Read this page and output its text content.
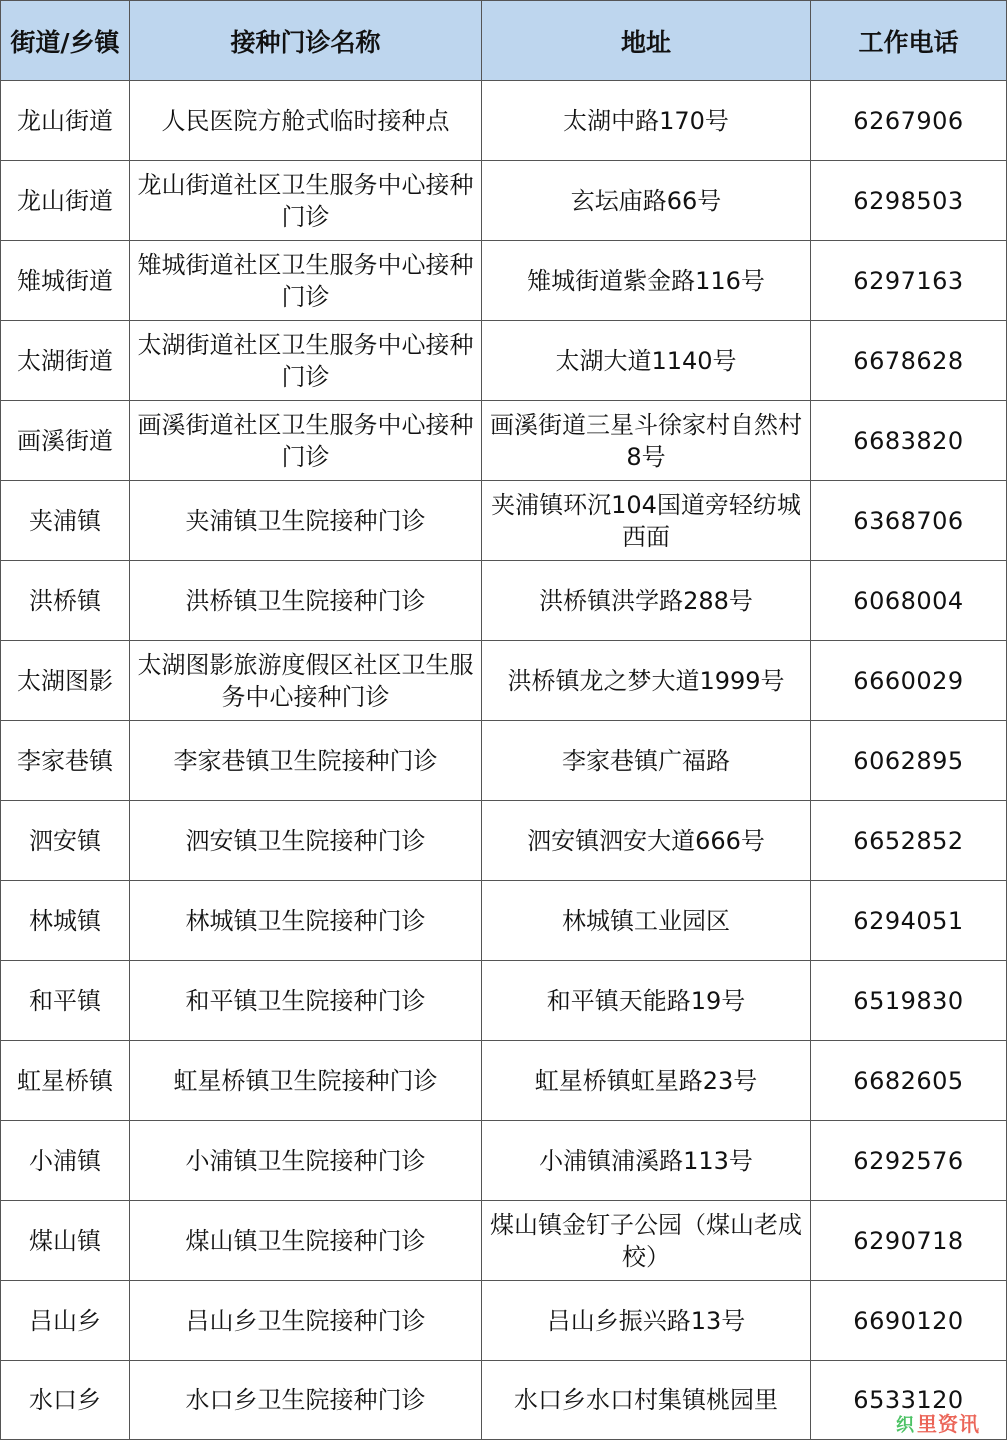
街道/乡镇	接种门诊名称	地址	工作电话
龙山街道	人民医院方舱式临时接种点	太湖中路170号	6267906
龙山街道	龙山街道社区卫生服务中心接种门诊	玄坛庙路66号	6298503
雉城街道	雉城街道社区卫生服务中心接种门诊	雉城街道紫金路116号	6297163
太湖街道	太湖街道社区卫生服务中心接种门诊	太湖大道1140号	6678628
画溪街道	画溪街道社区卫生服务中心接种门诊	画溪街道三星斗徐家村自然村8号	6683820
夹浦镇	夹浦镇卫生院接种门诊	夹浦镇环沉104国道旁轻纺城西面	6368706
洪桥镇	洪桥镇卫生院接种门诊	洪桥镇洪学路288号	6068004
太湖图影	太湖图影旅游度假区社区卫生服务中心接种门诊	洪桥镇龙之梦大道1999号	6660029
李家巷镇	李家巷镇卫生院接种门诊	李家巷镇广福路	6062895
泗安镇	泗安镇卫生院接种门诊	泗安镇泗安大道666号	6652852
林城镇	林城镇卫生院接种门诊	林城镇工业园区	6294051
和平镇	和平镇卫生院接种门诊	和平镇天能路19号	6519830
虹星桥镇	虹星桥镇卫生院接种门诊	虹星桥镇虹星路23号	6682605
小浦镇	小浦镇卫生院接种门诊	小浦镇浦溪路113号	6292576
煤山镇	煤山镇卫生院接种门诊	煤山镇金钉子公园（煤山老成校）	6290718
吕山乡	吕山乡卫生院接种门诊	吕山乡振兴路13号	6690120
水口乡	水口乡卫生院接种门诊	水口乡水口村集镇桃园里	6533120
织 里资讯
